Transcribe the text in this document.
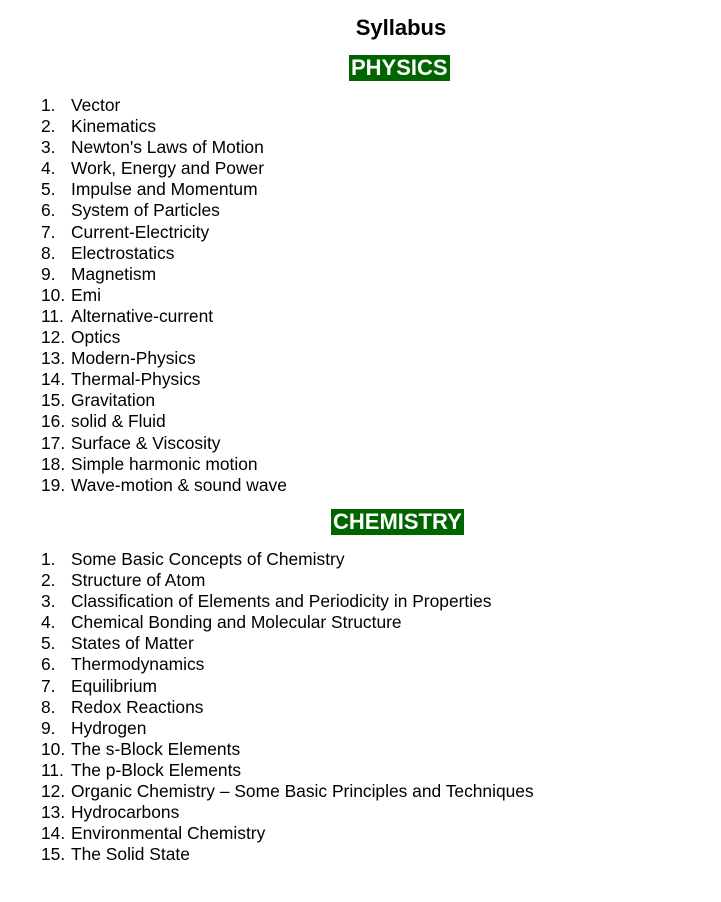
Syllabus
PHYSICS
1. Vector
2. Kinematics
3. Newton's Laws of Motion
4. Work, Energy and Power
5. Impulse and Momentum
6. System of Particles
7. Current-Electricity
8. Electrostatics
9. Magnetism
10. Emi
11. Alternative-current
12. Optics
13. Modern-Physics
14. Thermal-Physics
15. Gravitation
16. solid & Fluid
17. Surface & Viscosity
18. Simple harmonic motion
19. Wave-motion & sound wave
CHEMISTRY
1. Some Basic Concepts of Chemistry
2. Structure of Atom
3. Classification of Elements and Periodicity in Properties
4. Chemical Bonding and Molecular Structure
5. States of Matter
6. Thermodynamics
7. Equilibrium
8. Redox Reactions
9. Hydrogen
10. The s-Block Elements
11. The p-Block Elements
12. Organic Chemistry – Some Basic Principles and Techniques
13. Hydrocarbons
14. Environmental Chemistry
15. The Solid State
